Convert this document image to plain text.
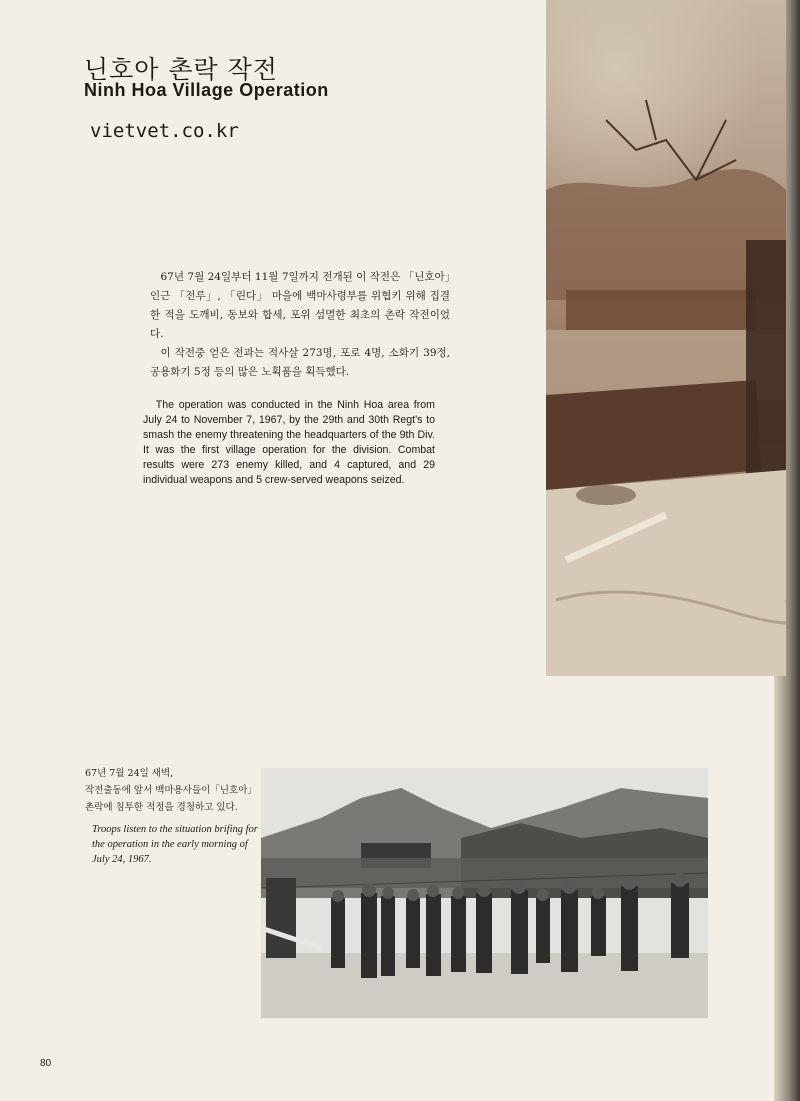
닌호아 촌락 작전
Ninh Hoa Village Operation
vietvet.co.kr

67년 7월 24일부터 11월 7일까지 전개된 이 작전은 「닌호아」인근 「전루」, 「린다」 마을에 백마사령부를 위협키 위해 집결한 적을 도깨비, 동보와 합세, 포위 섬멸한 최초의 촌락 작전이었다.

이 작전중 얻은 전과는 적사살 273명, 포로 4명, 소화기 39정, 공용화기 5정 등의 많은 노획품을 획득했다.

The operation was conducted in the Ninh Hoa area from July 24 to November 7, 1967, by the 29th and 30th Regt's to smash the enemy threatening the headquarters of the 9th Div. It was the first village operation for the division. Combat results were 273 enemy killed, and 4 captured, and 29 individual weapons and 5 crew-served weapons seized.

67년 7월 24일 새벽,

작전출동에 앞서 백마용사들이「닌호아」

촌락에 침투한 적정을 경청하고 있다.

Troops listen to the situation brifing for the operation in the early morning of July 24, 1967.
80
